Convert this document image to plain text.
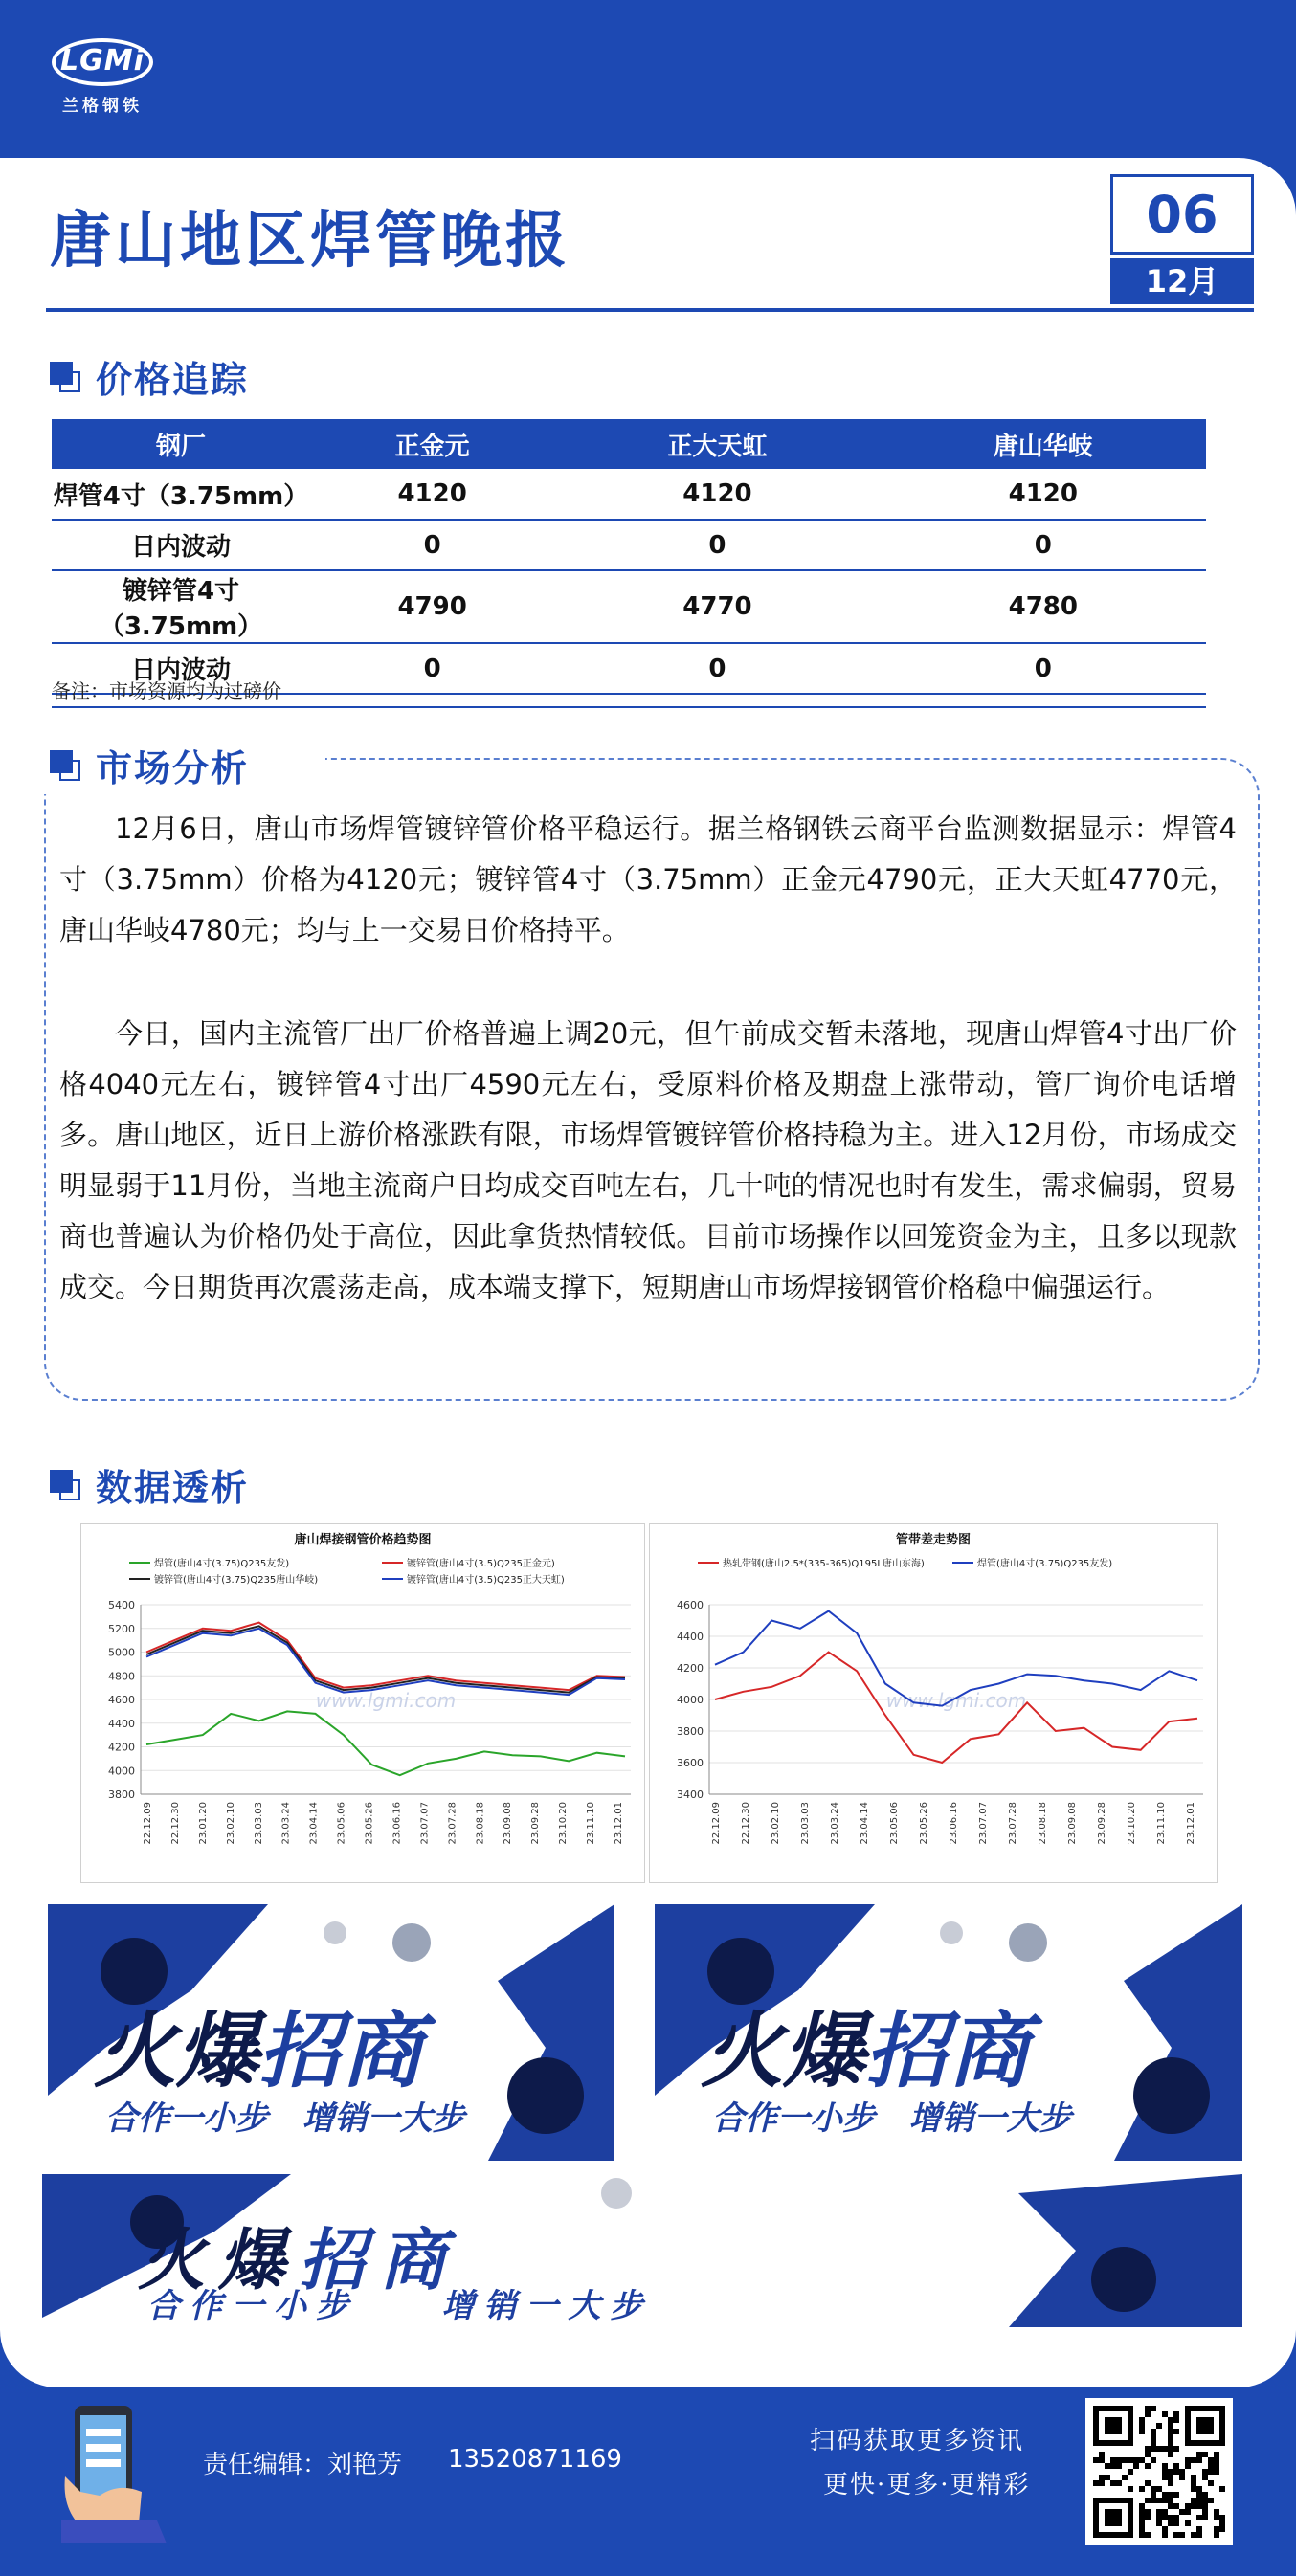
LGMi
兰格钢铁
唐山地区焊管晚报	06
12月
价格追踪
钢厂	正金元	正大天虹	唐山华岐
焊管4寸（3.75mm）	4120	4120	4120
日内波动	0	0	0
镀锌管4寸（3.75mm）	4790	4770	4780
日内波动	0	0	0
备注：市场资源均为过磅价
市场分析
12月6日，唐山市场焊管镀锌管价格平稳运行。据兰格钢铁云商平台监测数据显示：焊管4寸（3.75mm）价格为4120元；镀锌管4寸（3.75mm）正金元4790元，正大天虹4770元，唐山华岐4780元；均与上一交易日价格持平。
今日，国内主流管厂出厂价格普遍上调20元，但午前成交暂未落地，现唐山焊管4寸出厂价格4040元左右，镀锌管4寸出厂4590元左右，受原料价格及期盘上涨带动，管厂询价电话增多。唐山地区，近日上游价格涨跌有限，市场焊管镀锌管价格持稳为主。进入12月份，市场成交明显弱于11月份，当地主流商户日均成交百吨左右，几十吨的情况也时有发生，需求偏弱，贸易商也普遍认为价格仍处于高位，因此拿货热情较低。目前市场操作以回笼资金为主，且多以现款成交。今日期货再次震荡走高，成本端支撑下，短期唐山市场焊接钢管价格稳中偏强运行。
数据透析
唐山焊接钢管价格趋势图
焊管(唐山4寸(3.75)Q235友发)	镀锌管(唐山4寸(3.5)Q235正金元)
镀锌管(唐山4寸(3.75)Q235唐山华岐)	镀锌管(唐山4寸(3.5)Q235正大天虹)
3800
4000
4200
4400
4600
4800
5000
5200
5400
www.lgmi.com
22.12.09 22.12.30 23.01.20 23.02.10 23.03.03 23.03.24 23.04.14 23.05.06 23.05.26 23.06.16 23.07.07 23.07.28 23.08.18 23.09.08 23.09.28 23.10.20 23.11.10 23.12.01
管带差走势图
热轧带钢(唐山2.5*(335-365)Q195L唐山东海)	焊管(唐山4寸(3.75)Q235友发)
3400
3600
3800
4000
4200
4400
4600
www.lgmi.com
22.12.09 22.12.30 23.02.10 23.03.03 23.03.24 23.04.14 23.05.06 23.05.26 23.06.16 23.07.07 23.07.28 23.08.18 23.09.08 23.09.28 23.10.20 23.11.10 23.12.01
火爆招商
合作一小步 增销一大步
火爆招商
合作一小步 增销一大步
火爆招商
合作一小步	增销一大步
责任编辑：刘艳芳 13520871169
扫码获取更多资讯
更快·更多·更精彩
